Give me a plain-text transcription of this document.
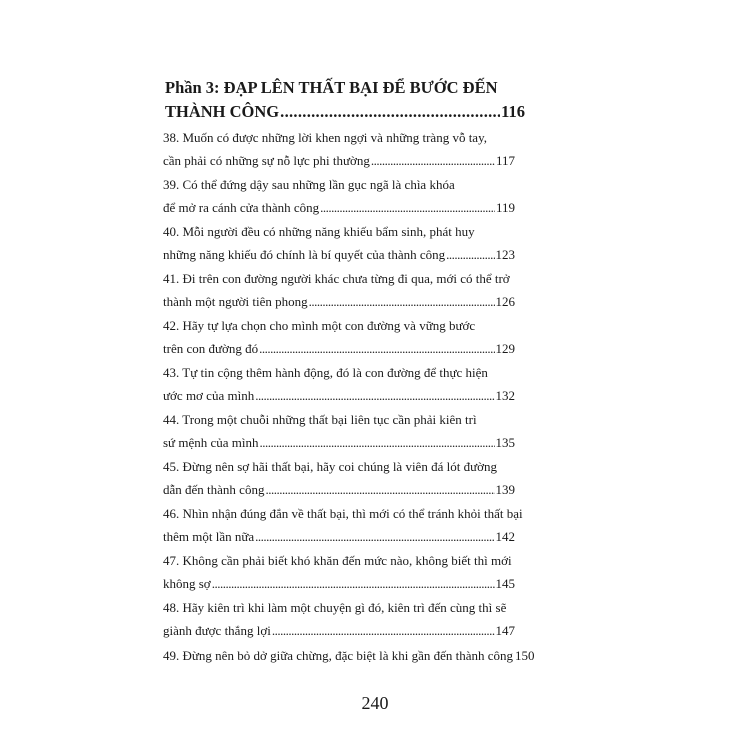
Phần 3: ĐẠP LÊN THẤT BẠI ĐỂ BƯỚC ĐẾN
THÀNH CÔNG .....	116
38. Muốn có được những lời khen ngợi và những tràng vỗ tay,
cần phải có những sự nỗ lực phi thường .....	117
39. Có thể đứng dậy sau những lần gục ngã là chìa khóa
để mở ra cánh cửa thành công .....	119
40. Mỗi người đều có những năng khiếu bẩm sinh, phát huy
những năng khiếu đó chính là bí quyết của thành công .....	123
41. Đi trên con đường người khác chưa từng đi qua, mới có thể trở
thành một người tiên phong .....	126
42. Hãy tự lựa chọn cho mình một con đường và vững bước
trên con đường đó .....	129
43. Tự tin cộng thêm hành động, đó là con đường để thực hiện
ước mơ của mình .....	132
44. Trong một chuỗi những thất bại liên tục cần phải kiên trì
sứ mệnh của mình .....	135
45. Đừng nên sợ hãi thất bại, hãy coi chúng là viên đá lót đường
dẫn đến thành công .....	139
46. Nhìn nhận đúng đắn về thất bại, thì mới có thể tránh khỏi thất bại
thêm một lần nữa .....	142
47. Không cần phải biết khó khăn đến mức nào, không biết thì mới
không sợ .....	145
48. Hãy kiên trì khi làm một chuyện gì đó, kiên trì đến cùng thì sẽ
giành được thắng lợi .....	147
49. Đừng nên bỏ dở giữa chừng, đặc biệt là khi gần đến thành công 150
240
